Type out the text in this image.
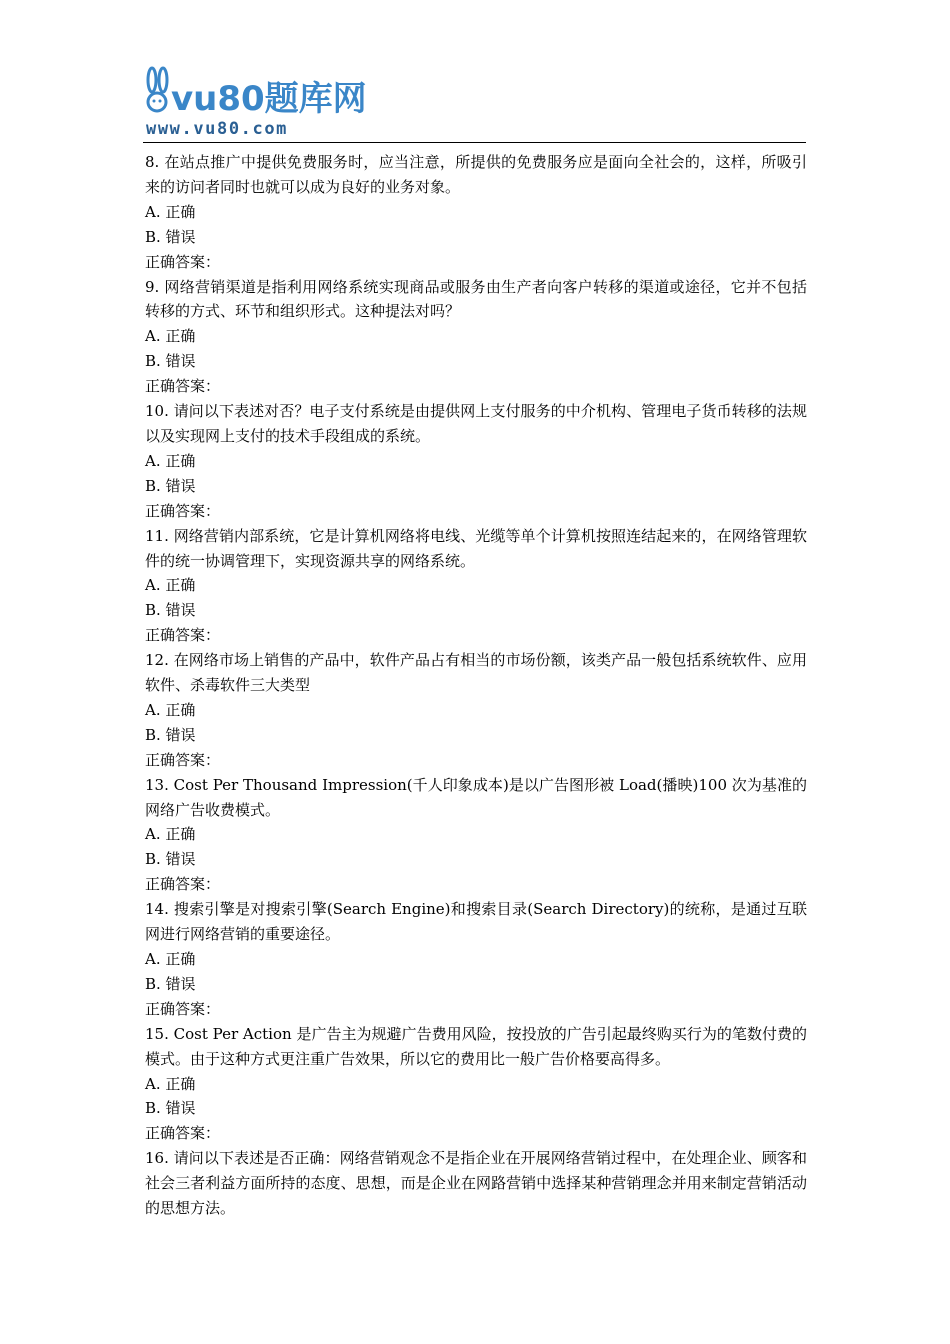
vu80题库网
www.vu80.com

8. 在站点推广中提供免费服务时，应当注意，所提供的免费服务应是面向全社会的，这样，所吸引来的访问者同时也就可以成为良好的业务对象。

A. 正确

B. 错误

正确答案：

9. 网络营销渠道是指利用网络系统实现商品或服务由生产者向客户转移的渠道或途径，它并不包括转移的方式、环节和组织形式。这种提法对吗？

A. 正确

B. 错误

正确答案：

10. 请问以下表述对否？电子支付系统是由提供网上支付服务的中介机构、管理电子货币转移的法规以及实现网上支付的技术手段组成的系统。

A. 正确

B. 错误

正确答案：

11. 网络营销内部系统，它是计算机网络将电线、光缆等单个计算机按照连结起来的，在网络管理软件的统一协调管理下，实现资源共享的网络系统。

A. 正确

B. 错误

正确答案：

12. 在网络市场上销售的产品中，软件产品占有相当的市场份额，该类产品一般包括系统软件、应用软件、杀毒软件三大类型

A. 正确

B. 错误

正确答案：

13. Cost Per Thousand Impression(千人印象成本)是以广告图形被 Load(播映)100 次为基准的网络广告收费模式。

A. 正确

B. 错误

正确答案：

14. 搜索引擎是对搜索引擎(Search Engine)和搜索目录(Search Directory)的统称，是通过互联网进行网络营销的重要途径。

A. 正确

B. 错误

正确答案：

15. Cost Per Action 是广告主为规避广告费用风险，按投放的广告引起最终购买行为的笔数付费的模式。由于这种方式更注重广告效果，所以它的费用比一般广告价格要高得多。

A. 正确

B. 错误

正确答案：

16. 请问以下表述是否正确：网络营销观念不是指企业在开展网络营销过程中，在处理企业、顾客和社会三者利益方面所持的态度、思想，而是企业在网路营销中选择某种营销理念并用来制定营销活动的思想方法。
